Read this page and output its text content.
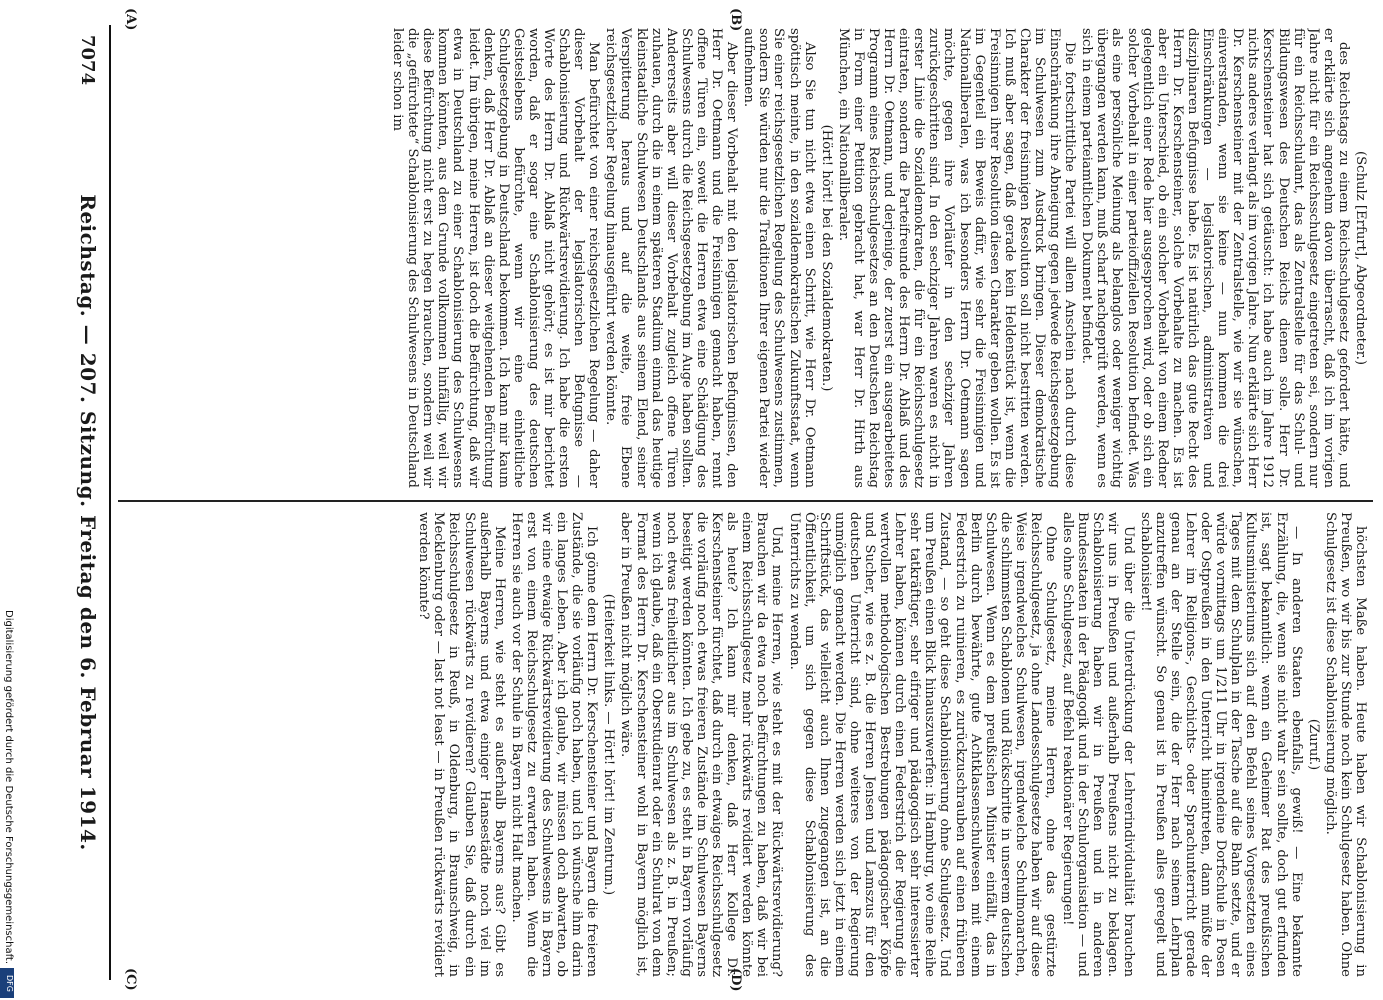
7074
Reichstag. — 207. Sitzung. Freitag den 6. Februar 1914.
(A)	(B)
(C)	(D)

(Schulz [Erfurt], Abgeordneter.)

des Reichstags zu einem Reichsschulgesetz gefordert hätte, und er erklärte sich angenehm davon überrascht, daß ich im vorigen Jahre nicht für ein Reichsschulgesetz eingetreten sei, sondern nur für ein Reichsschulamt, das als Zentralstelle für das Schul- und Bildungswesen des Deutschen Reichs dienen solle. Herr Dr. Kerschensteiner hat sich getäuscht: ich habe auch im Jahre 1912 nichts anderes verlangt als im vorigen Jahre. Nun erklärte sich Herr Dr. Kerschensteiner mit der Zentralstelle, wie wir sie wünschen, einverstanden, wenn sie keine — nun kommen die drei Einschränkungen — legislatorischen, administrativen und disziplinaren Befugnisse habe. Es ist natürlich das gute Recht des Herrn Dr. Kerschensteiner, solche Vorbehalte zu machen. Es ist aber ein Unterschied, ob ein solcher Vorbehalt von einem Redner gelegentlich einer Rede hier ausgesprochen wird, oder ob sich ein solcher Vorbehalt in einer parteioffiziellen Resolution befindet. Was als eine persönliche Meinung als belanglos oder weniger wichtig übergangen werden kann, muß scharf nachgeprüft werden, wenn es sich in einem parteiamtlichen Dokument befindet.

Die fortschrittliche Partei will allem Anschein nach durch diese Einschränkung ihre Abneigung gegen jedwede Reichsgesetzgebung im Schulwesen zum Ausdruck bringen. Dieser demokratische Charakter der freisinnigen Resolution soll nicht bestritten werden. Ich muß aber sagen, daß gerade kein Heldenstück ist, wenn die Freisinnigen ihrer Resolution diesen Charakter geben wollen. Es ist im Gegenteil ein Beweis dafür, wie sehr die Freisinnigen und Nationalliberalen, was ich besonders Herrn Dr. Oetmann sagen möchte, gegen ihre Vorläufer in den sechziger Jahren zurückgeschritten sind. In den sechziger Jahren waren es nicht in erster Linie die Sozialdemokraten, die für ein Reichsschulgesetz eintraten, sondern die Parteifreunde des Herrn Dr. Ablaß und des Herrn Dr. Oetmann, und derjenige, der zuerst ein ausgearbeitetes Programm eines Reichsschulgesetzes an den Deutschen Reichstag in Form einer Petition gebracht hat, war Herr Dr. Hirth aus München, ein Nationalliberaler.

(Hört! hört! bei den Sozialdemokraten.)

Also Sie tun nicht etwa einen Schritt, wie Herr Dr. Oetmann spöttisch meinte, in den sozialdemokratischen Zukunftsstaat, wenn Sie einer reichsgesetzlichen Regelung des Schulwesens zustimmen, sondern Sie würden nur die Traditionen Ihrer eigenen Partei wieder aufnehmen.

Aber dieser Vorbehalt mit den legislatorischen Befugnissen, den Herr Dr. Oetmann und die Freisinnigen gemacht haben, rennt offene Türen ein, soweit die Herren etwa eine Schädigung des Schulwesens durch die Reichsgesetzgebung im Auge haben sollten. Andererseits aber will dieser Vorbehalt zugleich offene Türen zuhauen, durch die in einem späteren Stadium einmal das heutige kleinstaatliche Schulwesen Deutschlands aus seinem Elend, seiner Verspitterung heraus und auf die weite, freie Ebene reichsgesetzlicher Regelung hinausgeführt werden könnte.

Man befürchtet von einer reichsgesetzlichen Regelung — daher dieser Vorbehalt der legislatorischen Befugnisse — Schablonisierung und Rückwärtsrevidierung. Ich habe die ersten Worte des Herrn Dr. Ablaß nicht gehört; es ist mir berichtet worden, daß er sogar eine Schablonisierung des deutschen Geisteslebens befürchte, wenn wir eine einheitliche Schulgesetzgebung in Deutschland bekommen. Ich kann mir kaum denken, daß Herr Dr. Ablaß an dieser weitgehenden Befürchtung leidet. Im übrigen, meine Herren, ist doch die Befürchtung, daß wir etwa in Deutschland zu einer Schablonisierung des Schulwesens kommen könnten, aus dem Grunde vollkommen hinfällig, weil wir diese Befürchtung nicht erst zu hegen brauchen, sondern weil wir die „gefürchtete“ Schablonisierung des Schulwesens in Deutschland leider schon im

höchsten Maße haben. Heute haben wir Schablonisierung in Preußen, wo wir bis zur Stunde noch kein Schulgesetz haben. Ohne Schulgesetz ist diese Schablonisierung möglich.

(Zuruf.)

— In anderen Staaten ebenfalls, gewiß! — Eine bekannte Erzählung, die, wenn sie nicht wahr sein sollte, doch gut erfunden ist, sagt bekanntlich: wenn ein Geheimer Rat des preußischen Kultusministeriums sich auf den Befehl seines Vorgesetzten eines Tages mit dem Schulplan in der Tasche auf die Bahn setzte, und er würde vormittags um 1/211 Uhr in irgendeine Dorfschule in Posen oder Ostpreußen in den Unterricht hineintreten, dann müßte der Lehrer im Religions-, Geschichts- oder Sprachunterricht gerade genau an der Stelle sein, die der Herr nach seinem Lehrplan anzutreffen wünscht. So genau ist in Preußen alles geregelt und schablonisiert!

Und über die Unterdrückung der Lehrerindividualität brauchen wir uns in Preußen und außerhalb Preußens nicht zu beklagen. Schablonisierung haben wir in Preußen und in anderen Bundesstaaten in der Pädagogik und in der Schulorganisation — und alles ohne Schulgesetz, auf Befehl reaktionärer Regierungen!

Ohne Schulgesetz, meine Herren, ohne das gestürzte Reichsschulgesetz, ja ohne Landesschulgesetze haben wir auf diese Weise irgendwelches Schulwesen, irgendwelche Schulmonarchen, die schlimmsten Schablonen und Rückschritte in unserem deutschen Schulwesen. Wenn es dem preußischen Minister einfällt, das in Berlin durch bewährte, gute Achtklassenschulwesen mit einem Federstrich zu ruinieren, es zurückzuschrauben auf einen früheren Zustand, — so geht diese Schablonisierung ohne Schulgesetz. Und um Preußen einen Blick hinauszuwerfen: in Hamburg, wo eine Reihe sehr tatkräftiger, sehr eifriger und pädagogisch sehr interessierter Lehrer haben, können durch einen Federstrich der Regierung die wertvollen methodologischen Bestrebungen pädagogischer Köpfe und Sucher, wie es z. B. die Herren Jensen und Lamszus für den deutschen Unterricht sind, ohne weiteres von der Regierung unmöglich gemacht werden. Die Herren werden sich jetzt in einem Schriftstück, das vielleicht auch Ihnen zugegangen ist, an die Öffentlichkeit, um sich gegen diese Schablonisierung des Unterrichts zu wenden.

Und, meine Herren, wie steht es mit der Rückwärtsrevidierung? Brauchen wir da etwa noch Befürchtungen zu haben, daß wir bei einem Reichsschulgesetz mehr rückwärts revidiert werden könnte als heute? Ich kann mir denken, daß Herr Kollege Dr. Kerschensteiner fürchtet, daß durch ein etwaiges Reichsschulgesetz die vorläufig noch etwas freieren Zustände im Schulwesen Bayerns beseitigt werden könnten. Ich gebe zu, es steht in Bayern vorläufig noch etwas freiheitlicher aus im Schulwesen als z. B. in Preußen; wenn ich glaube, daß ein Oberstudienrat oder ein Schulrat von dem Format des Herrn Dr. Kerschensteiner wohl in Bayern möglich ist, aber in Preußen nicht möglich wäre.

(Heiterkeit links. — Hört! hört! im Zentrum.)

Ich gönne dem Herrn Dr. Kerschensteiner und Bayern die freieren Zustände, die sie vorläufig noch haben, und ich wünsche ihm darin ein langes Leben. Aber ich glaube, wir müssen doch abwarten, ob wir eine etwaige Rückwärtsrevidierung des Schulwesens in Bayern erst von einem Reichsschulgesetz zu erwarten haben. Wenn die Herren sie auch vor der Schule in Bayern nicht Halt machen.

Meine Herren, wie steht es außerhalb Bayerns aus? Gibt es außerhalb Bayerns und etwa einiger Hansestädte noch viel im Schulwesen rückwärts zu revidieren? Glauben Sie, daß durch ein Reichsschulgesetz in Reuß, in Oldenburg, in Braunschweig, in Mecklenburg oder — last not least — in Preußen rückwärts revidiert werden könnte?

Digitalisierung gefördert durch die Deutsche Forschungsgemeinschaft.
DFG
